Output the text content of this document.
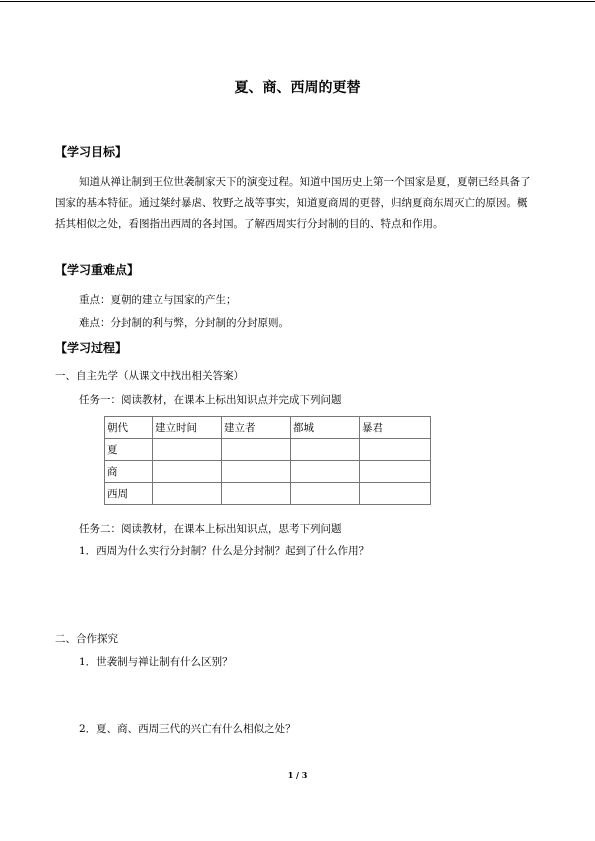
夏、商、西周的更替
【学习目标】
知道从禅让制到王位世袭制家天下的演变过程。知道中国历史上第一个国家是夏，夏朝已经具备了国家的基本特征。通过桀纣暴虐、牧野之战等事实，知道夏商周的更替，归纳夏商东周灭亡的原因。概括其相似之处，看图指出西周的各封国。了解西周实行分封制的目的、特点和作用。
【学习重难点】
重点：夏朝的建立与国家的产生；
难点：分封制的利与弊，分封制的分封原则。
【学习过程】
一、自主先学（从课文中找出相关答案）
任务一：阅读教材，在课本上标出知识点并完成下列问题
朝代	建立时间	建立者	都城	暴君
夏				
商				
西周				
任务二：阅读教材，在课本上标出知识点，思考下列问题
1．西周为什么实行分封制？什么是分封制？起到了什么作用？
二、合作探究
1．世袭制与禅让制有什么区别？
2．夏、商、西周三代的兴亡有什么相似之处？
1 / 3
